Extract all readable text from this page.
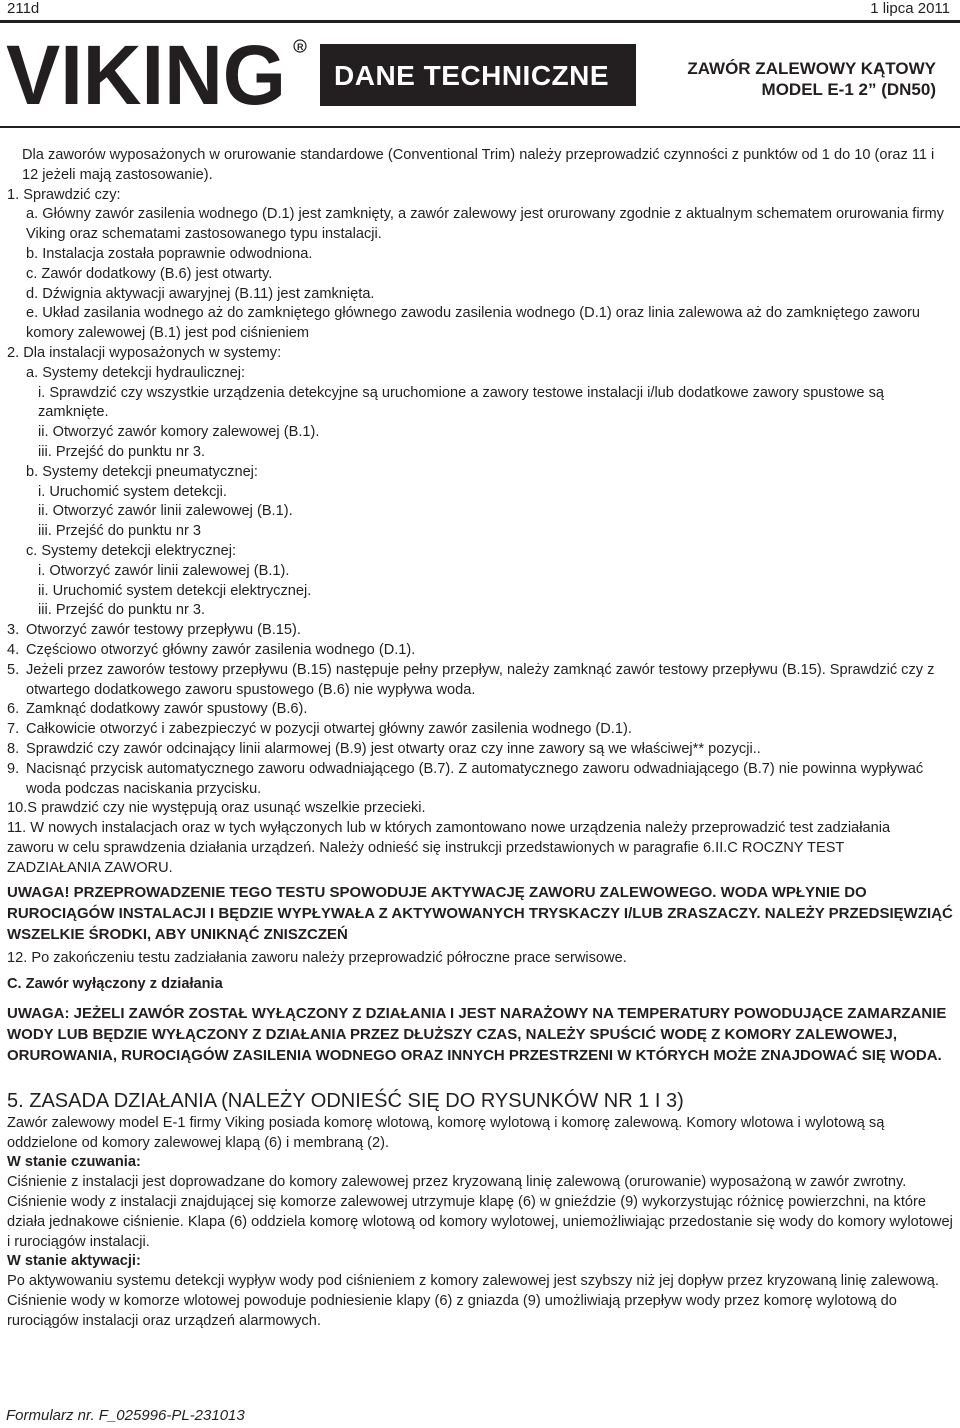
211d	1 lipca 2011
VIKING R
DANE TECHNICZNE	ZAWÓR ZALEWOWY KĄTOWY
MODEL E-1 2” (DN50)

Dla zaworów wyposażonych w orurowanie standardowe (Conventional Trim) należy przeprowadzić czynności z punktów od 1 do 10 (oraz 11 i 12 jeżeli mają zastosowanie).

1. Sprawdzić czy:

a. Główny zawór zasilenia wodnego (D.1) jest zamknięty, a zawór zalewowy jest orurowany zgodnie z aktualnym schematem orurowania firmy Viking oraz schematami zastosowanego typu instalacji.

b. Instalacja została poprawnie odwodniona.

c. Zawór dodatkowy (B.6) jest otwarty.

d. Dźwignia aktywacji awaryjnej (B.11) jest zamknięta.

e. Układ zasilania wodnego aż do zamkniętego głównego zawodu zasilenia wodnego (D.1) oraz linia zalewowa aż do zamkniętego zaworu komory zalewowej (B.1) jest pod ciśnieniem

2. Dla instalacji wyposażonych w systemy:

a. Systemy detekcji hydraulicznej:

i. Sprawdzić czy wszystkie urządzenia detekcyjne są uruchomione a zawory testowe instalacji i/lub dodatkowe zawory spustowe są zamknięte.

ii. Otworzyć zawór komory zalewowej (B.1).

iii. Przejść do punktu nr 3.

b. Systemy detekcji pneumatycznej:

i. Uruchomić system detekcji.

ii. Otworzyć zawór linii zalewowej (B.1).

iii. Przejść do punktu nr 3

c. Systemy detekcji elektrycznej:

i. Otworzyć zawór linii zalewowej (B.1).

ii. Uruchomić system detekcji elektrycznej.

iii. Przejść do punktu nr 3.

3. Otworzyć zawór testowy przepływu (B.15).
4. Częściowo otworzyć główny zawór zasilenia wodnego (D.1).
5. Jeżeli przez zaworów testowy przepływu (B.15) następuje pełny przepływ, należy zamknąć zawór testowy przepływu (B.15). Sprawdzić czy z otwartego dodatkowego zaworu spustowego (B.6) nie wypływa woda.
6. Zamknąć dodatkowy zawór spustowy (B.6).
7. Całkowicie otworzyć i zabezpieczyć w pozycji otwartej główny zawór zasilenia wodnego (D.1).
8. Sprawdzić czy zawór odcinający linii alarmowej (B.9) jest otwarty oraz czy inne zawory są we właściwej** pozycji..
9. Nacisnąć przycisk automatycznego zaworu odwadniającego (B.7). Z automatycznego zaworu odwadniającego (B.7) nie powinna wypływać woda podczas naciskania przycisku.

10.S prawdzić czy nie występują oraz usunąć wszelkie przecieki.

11. W nowych instalacjach oraz w tych wyłączonych lub w których zamontowano nowe urządzenia należy przeprowadzić test zadziałania zaworu w celu sprawdzenia działania urządzeń. Należy odnieść się instrukcji przedstawionych w paragrafie 6.II.C ROCZNY TEST ZADZIAŁANIA ZAWORU.

UWAGA! PRZEPROWADZENIE TEGO TESTU SPOWODUJE AKTYWACJĘ ZAWORU ZALEWOWEGO. WODA WPŁYNIE DO RUROCIĄGÓW INSTALACJI I BĘDZIE WYPŁYWAŁA Z AKTYWOWANYCH TRYSKACZY I/LUB ZRASZACZY. NALEŻY PRZEDSIĘWZIĄĆ WSZELKIE ŚRODKI, ABY UNIKNĄĆ ZNISZCZEŃ

12. Po zakończeniu testu zadziałania zaworu należy przeprowadzić półroczne prace serwisowe.

C. Zawór wyłączony z działania

UWAGA: JEŻELI ZAWÓR ZOSTAŁ WYŁĄCZONY Z DZIAŁANIA I JEST NARAŻOWY NA TEMPERATURY POWODUJĄCE ZAMARZANIE WODY LUB BĘDZIE WYŁĄCZONY Z DZIAŁANIA PRZEZ DŁUŻSZY CZAS, NALEŻY SPUŚCIĆ WODĘ Z KOMORY ZALEWOWEJ, ORUROWANIA, RUROCIĄGÓW ZASILENIA WODNEGO ORAZ INNYCH PRZESTRZENI W KTÓRYCH MOŻE ZNAJDOWAĆ SIĘ WODA.

5. ZASADA DZIAŁANIA (NALEŻY ODNIEŚĆ SIĘ DO RYSUNKÓW NR 1 I 3)

Zawór zalewowy model E-1 firmy Viking posiada komorę wlotową, komorę wylotową i komorę zalewową. Komory wlotowa i wylotową są oddzielone od komory zalewowej klapą (6) i membraną (2).

W stanie czuwania:

Ciśnienie z instalacji jest doprowadzane do komory zalewowej przez kryzowaną linię zalewową (orurowanie) wyposażoną w zawór zwrotny. Ciśnienie wody z instalacji znajdującej się komorze zalewowej utrzymuje klapę (6) w gnieździe (9) wykorzystując różnicę powierzchni, na które działa jednakowe ciśnienie. Klapa (6) oddziela komorę wlotową od komory wylotowej, uniemożliwiając przedostanie się wody do komory wylotowej i rurociągów instalacji.

W stanie aktywacji:

Po aktywowaniu systemu detekcji wypływ wody pod ciśnieniem z komory zalewowej jest szybszy niż jej dopływ przez kryzowaną linię zalewową. Ciśnienie wody w komorze wlotowej powoduje podniesienie klapy (6) z gniazda (9) umożliwiają przepływ wody przez komorę wylotową do rurociągów instalacji oraz urządzeń alarmowych.

Formularz nr. F_025996-PL-231013
